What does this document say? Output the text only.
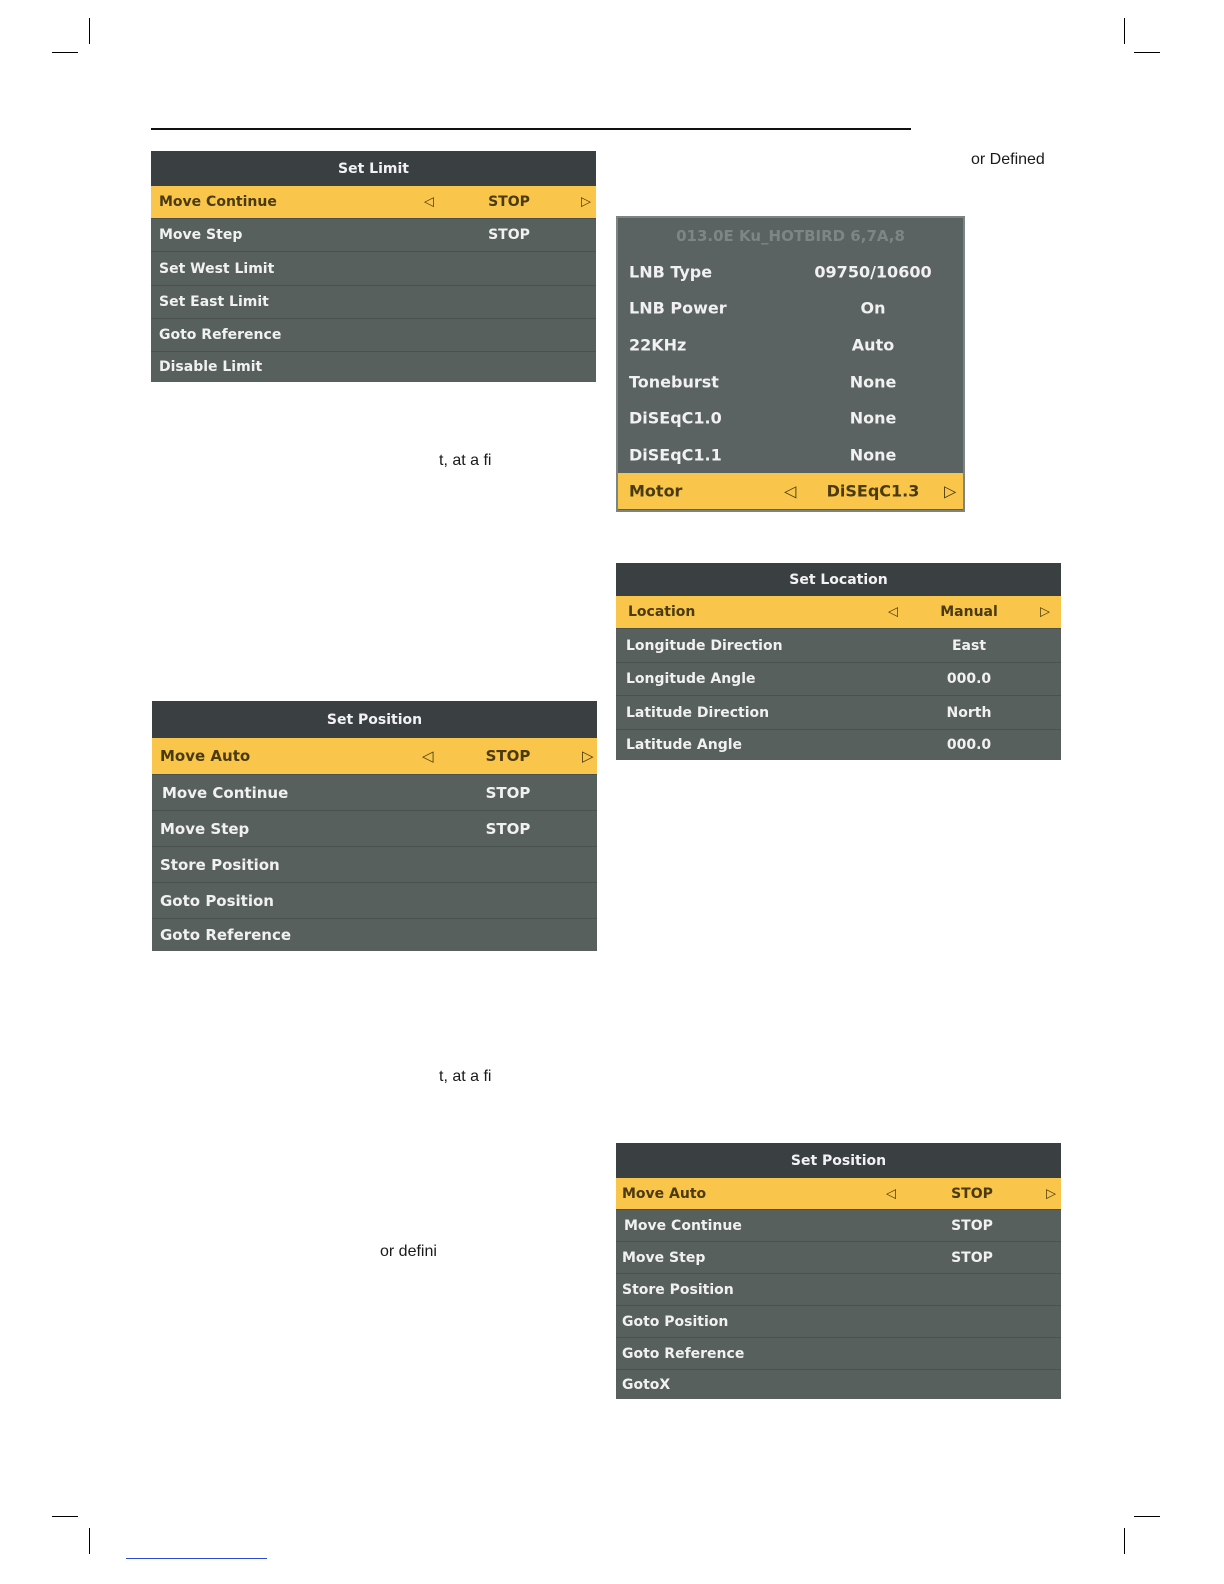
or Defined
t, at a fi
t, at a fi
or defini
Set Limit
Move Continue	◁	STOP	▷
Move Step	STOP
Set West Limit
Set East Limit
Goto Reference
Disable Limit
013.0E Ku_HOTBIRD 6,7A,8
LNB Type	09750/10600
LNB Power	On
22KHz	Auto
Toneburst	None
DiSEqC1.0	None
DiSEqC1.1	None
Motor	◁ DiSEqC1.3 ▷
Set Location
Location	◁	Manual	▷
Longitude Direction	East
Longitude Angle	000.0
Latitude Direction	North
Latitude Angle	000.0
Set Position
Move Auto	◁	STOP	▷
Move Continue	STOP
Move Step	STOP
Store Position
Goto Position
Goto Reference
Set Position
Move Auto	◁	STOP	▷
Move Continue	STOP
Move Step	STOP
Store Position
Goto Position
Goto Reference
GotoX
